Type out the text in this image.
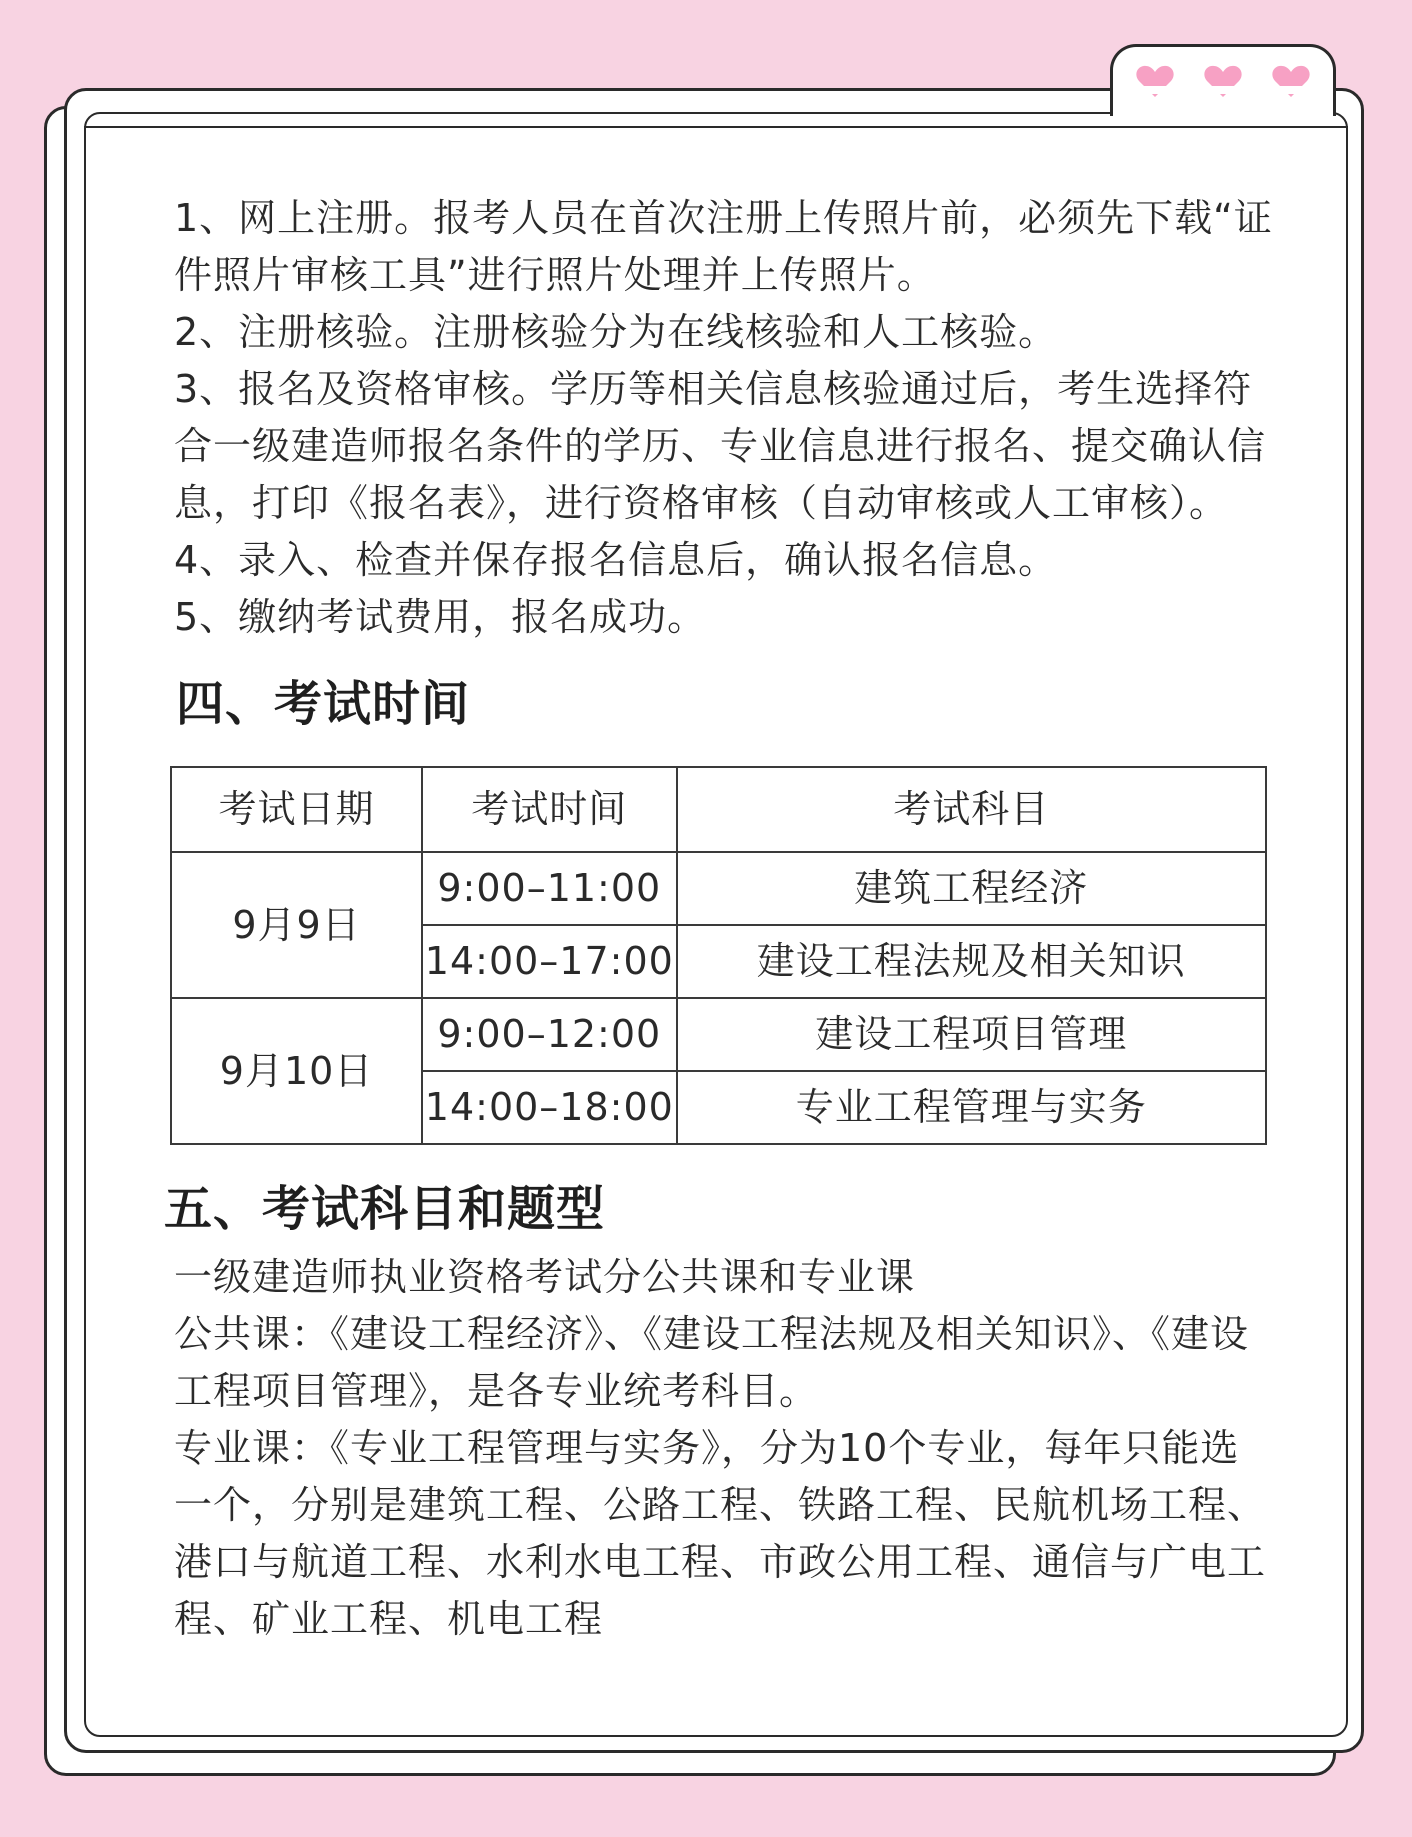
1、网上注册。报考人员在首次注册上传照片前，必须先下载“证件照片审核工具”进行照片处理并上传照片。

2、注册核验。注册核验分为在线核验和人工核验。

3、报名及资格审核。学历等相关信息核验通过后，考生选择符合一级建造师报名条件的学历、专业信息进行报名、提交确认信息，打印《报名表》，进行资格审核（自动审核或人工审核）。

4、录入、检查并保存报名信息后，确认报名信息。

5、缴纳考试费用，报名成功。

四、考试时间
考试日期	考试时间	考试科目
9月9日	9:00–11:00	建筑工程经济
	14:00–17:00	建设工程法规及相关知识
9月10日	9:00–12:00	建设工程项目管理
	14:00–18:00	专业工程管理与实务
五、考试科目和题型

一级建造师执业资格考试分公共课和专业课

公共课：《建设工程经济》、《建设工程法规及相关知识》、《建设工程项目管理》，是各专业统考科目。

专业课：《专业工程管理与实务》，分为10个专业，每年只能选一个，分别是建筑工程、公路工程、铁路工程、民航机场工程、港口与航道工程、水利水电工程、市政公用工程、通信与广电工程、矿业工程、机电工程
